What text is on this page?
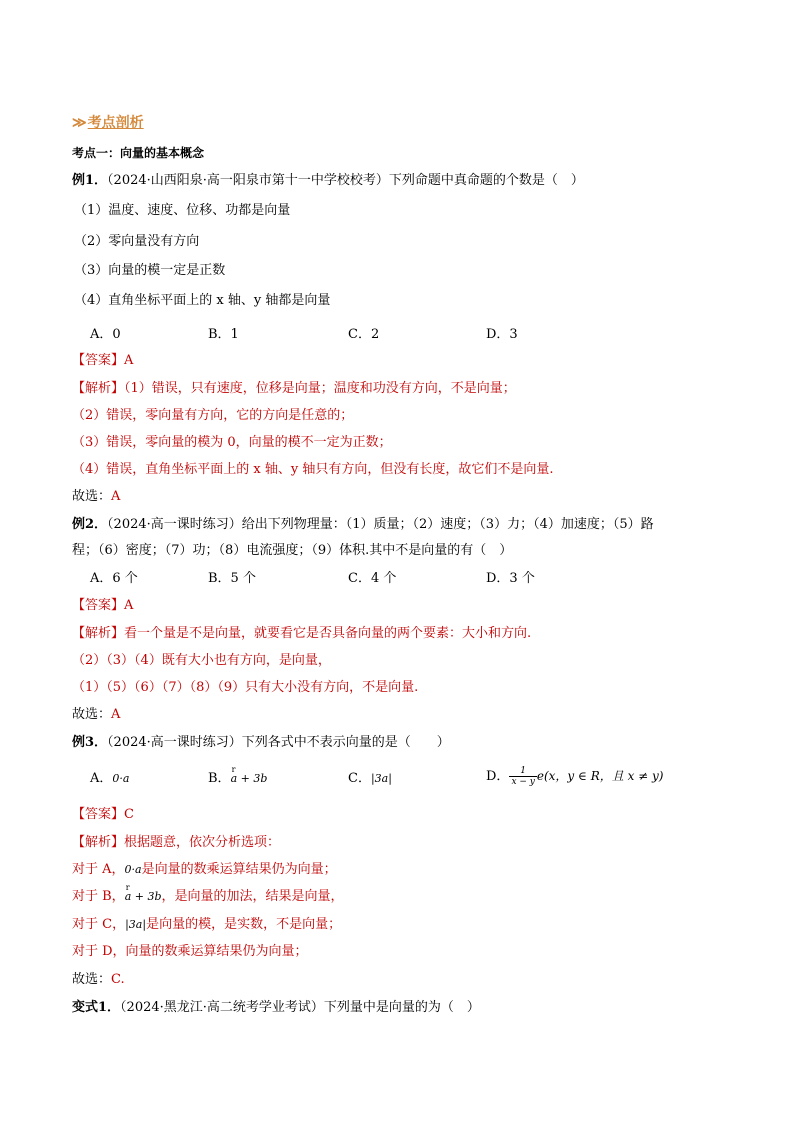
≫ 考点剖析
考点一：向量的基本概念
例1．（2024·山西阳泉·高一阳泉市第十一中学校校考）下列命题中真命题的个数是（　）
（1）温度、速度、位移、功都是向量
（2）零向量没有方向
（3）向量的模一定是正数
（4）直角坐标平面上的 x 轴、y 轴都是向量
A．0	B．1	C．2	D．3
【答案】A
【解析】（1）错误，只有速度，位移是向量；温度和功没有方向，不是向量；
（2）错误，零向量有方向，它的方向是任意的；
（3）错误，零向量的模为 0，向量的模不一定为正数；
（4）错误，直角坐标平面上的 x 轴、y 轴只有方向，但没有长度，故它们不是向量.
故选：A
例2．（2024·高一课时练习）给出下列物理量：（1）质量；（2）速度；（3）力；（4）加速度；（5）路
程；（6）密度；（7）功；（8）电流强度；（9）体积.其中不是向量的有（　）
A．6 个	B．5 个	C．4 个	D．3 个
【答案】A
【解析】看一个量是不是向量，就要看它是否具备向量的两个要素：大小和方向.
（2）（3）（4）既有大小也有方向，是向量，
（1）（5）（6）（7）（8）（9）只有大小没有方向，不是向量.
故选：A
例3．（2024·高一课时练习）下列各式中不表示向量的是（　　）
A．0·a	B．r a + 3b	C．|3a|	D． $\frac{1}{x - y} e(x$，y ∈ R，且 x ≠ y)
【答案】C
【解析】根据题意，依次分析选项：
对于 A，0·a是向量的数乘运算结果仍为向量；
对于 B，r a + 3b，是向量的加法，结果是向量，
对于 C，|3a|是向量的模，是实数，不是向量；
对于 D，向量的数乘运算结果仍为向量；
故选：C.
变式1．（2024·黑龙江·高二统考学业考试）下列量中是向量的为（　）
